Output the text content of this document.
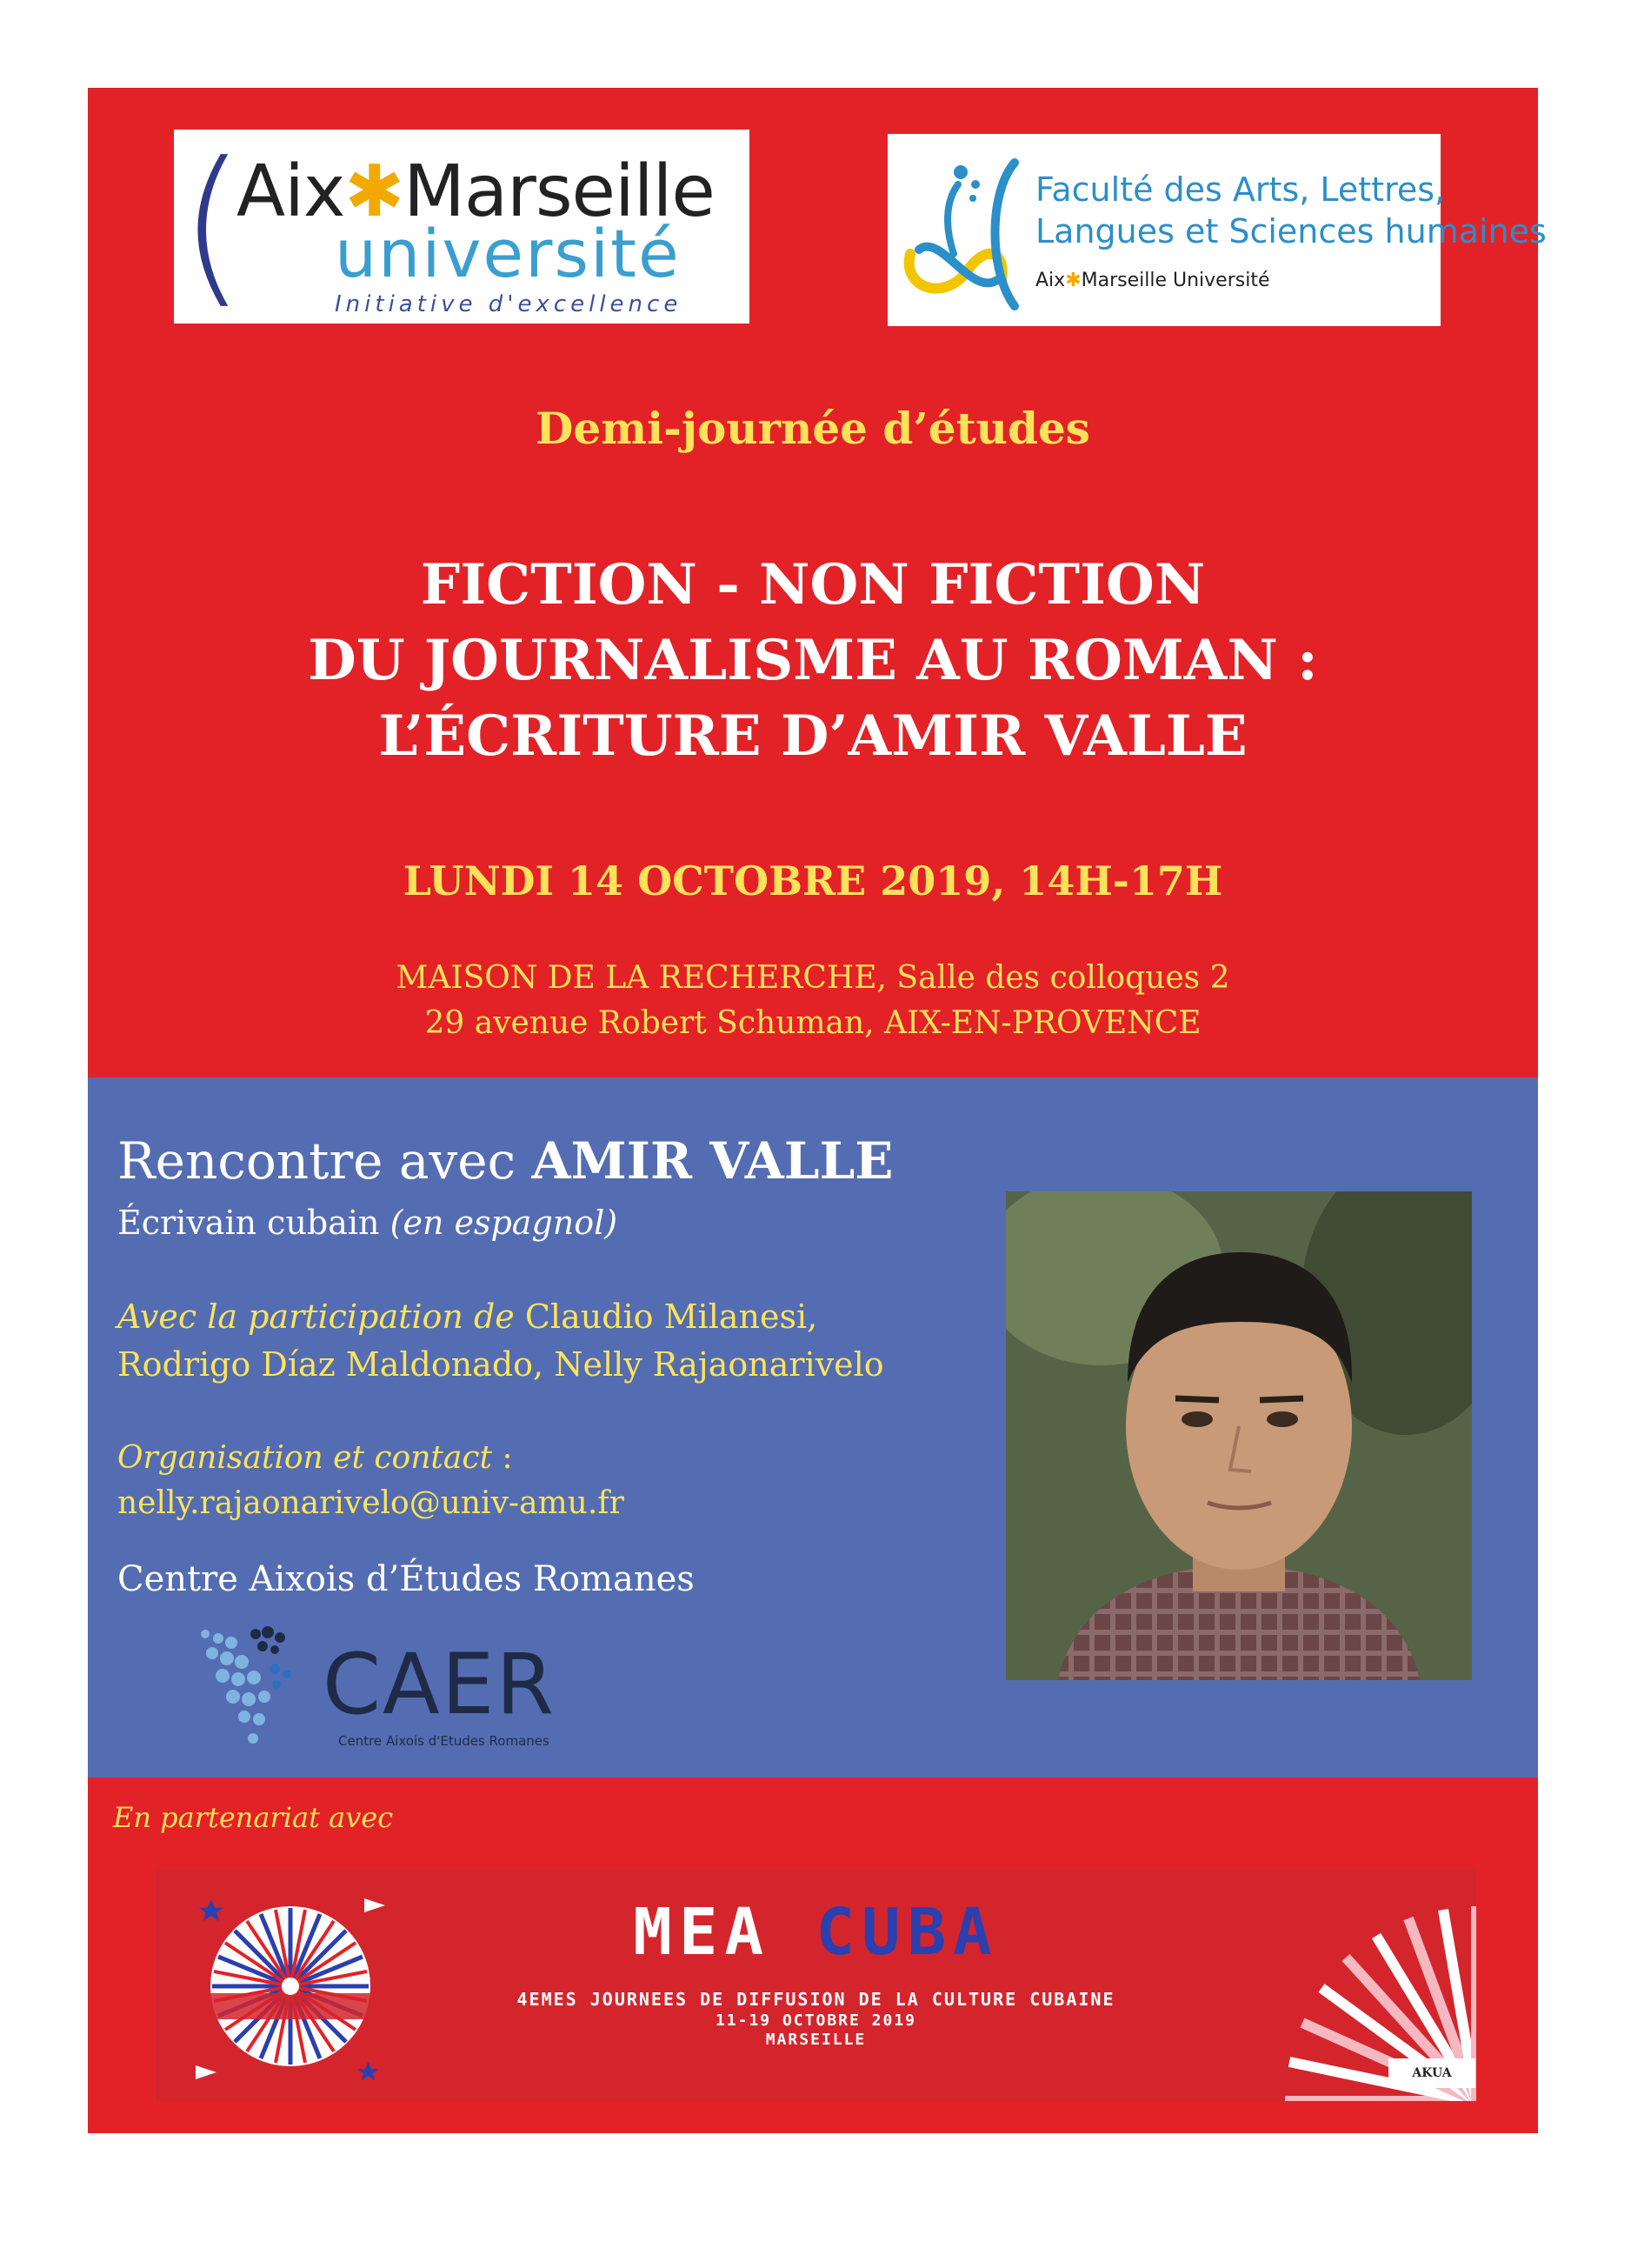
(
Aix✱Marseille
université
Initiative d'excellence
Faculté des Arts, Lettres,
Langues et Sciences humaines
Aix✱Marseille Université
Demi-journée d’études
FICTION - NON FICTION
DU JOURNALISME AU ROMAN :
L’ÉCRITURE D’AMIR VALLE
LUNDI 14 OCTOBRE 2019, 14H-17H
MAISON DE LA RECHERCHE, Salle des colloques 2
29 avenue Robert Schuman, AIX-EN-PROVENCE
Rencontre avec AMIR VALLE
Écrivain cubain (en espagnol)
Avec la participation de Claudio Milanesi,
Rodrigo Díaz Maldonado, Nelly Rajaonarivelo
Organisation et contact :
nelly.rajaonarivelo@univ-amu.fr
Centre Aixois d’Études Romanes
CAER
Centre Aixois d'Etudes Romanes
En partenariat avec
MEA CUBA
4EMES JOURNEES DE DIFFUSION DE LA CULTURE CUBAINE
11-19 OCTOBRE 2019
MARSEILLE
AKUA
